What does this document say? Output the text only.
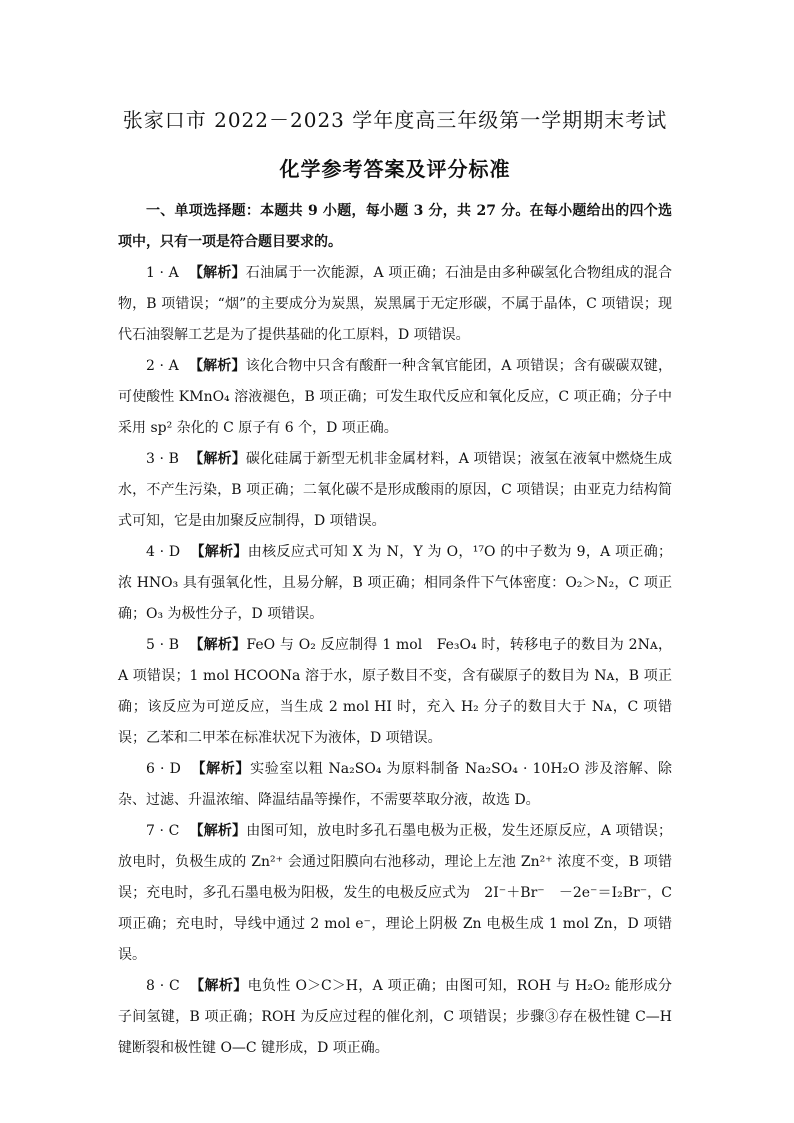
张家口市 2022－2023 学年度高三年级第一学期期末考试
化学参考答案及评分标准

一、单项选择题：本题共 9 小题，每小题 3 分，共 27 分。在每小题给出的四个选项中，只有一项是符合题目要求的。

1 · A 【解析】石油属于一次能源，A 项正确；石油是由多种碳氢化合物组成的混合物，B 项错误；“烟”的主要成分为炭黑，炭黑属于无定形碳，不属于晶体，C 项错误；现代石油裂解工艺是为了提供基础的化工原料，D 项错误。

2 · A 【解析】该化合物中只含有酸酐一种含氧官能团，A 项错误；含有碳碳双键，可使酸性 KMnO₄ 溶液褪色，B 项正确；可发生取代反应和氧化反应，C 项正确；分子中采用 sp² 杂化的 C 原子有 6 个，D 项正确。

3 · B 【解析】碳化硅属于新型无机非金属材料，A 项错误；液氢在液氧中燃烧生成水，不产生污染，B 项正确；二氧化碳不是形成酸雨的原因，C 项错误；由亚克力结构简式可知，它是由加聚反应制得，D 项错误。

4 · D 【解析】由核反应式可知 X 为 N，Y 为 O，¹⁷O 的中子数为 9，A 项正确；浓 HNO₃ 具有强氧化性，且易分解，B 项正确；相同条件下气体密度：O₂＞N₂，C 项正确；O₃ 为极性分子，D 项错误。

5 · B 【解析】FeO 与 O₂ 反应制得 1 mol　Fe₃O₄ 时，转移电子的数目为 2Nᴀ，A 项错误；1 mol HCOONa 溶于水，原子数目不变，含有碳原子的数目为 Nᴀ，B 项正确；该反应为可逆反应，当生成 2 mol HI 时，充入 H₂ 分子的数目大于 Nᴀ，C 项错误；乙苯和二甲苯在标准状况下为液体，D 项错误。

6 · D 【解析】实验室以粗 Na₂SO₄ 为原料制备 Na₂SO₄ · 10H₂O 涉及溶解、除杂、过滤、升温浓缩、降温结晶等操作，不需要萃取分液，故选 D。

7 · C 【解析】由图可知，放电时多孔石墨电极为正极，发生还原反应，A 项错误；放电时，负极生成的 Zn²⁺ 会通过阳膜向右池移动，理论上左池 Zn²⁺ 浓度不变，B 项错误；充电时，多孔石墨电极为阳极，发生的电极反应式为　2I⁻＋Br⁻　－2e⁻＝I₂Br⁻，C 项正确；充电时，导线中通过 2 mol e⁻，理论上阴极 Zn 电极生成 1 mol Zn，D 项错误。

8 · C 【解析】电负性 O＞C＞H，A 项正确；由图可知，ROH 与 H₂O₂ 能形成分子间氢键，B 项正确；ROH 为反应过程的催化剂，C 项错误；步骤③存在极性键 C—H 键断裂和极性键 O—C 键形成，D 项正确。
